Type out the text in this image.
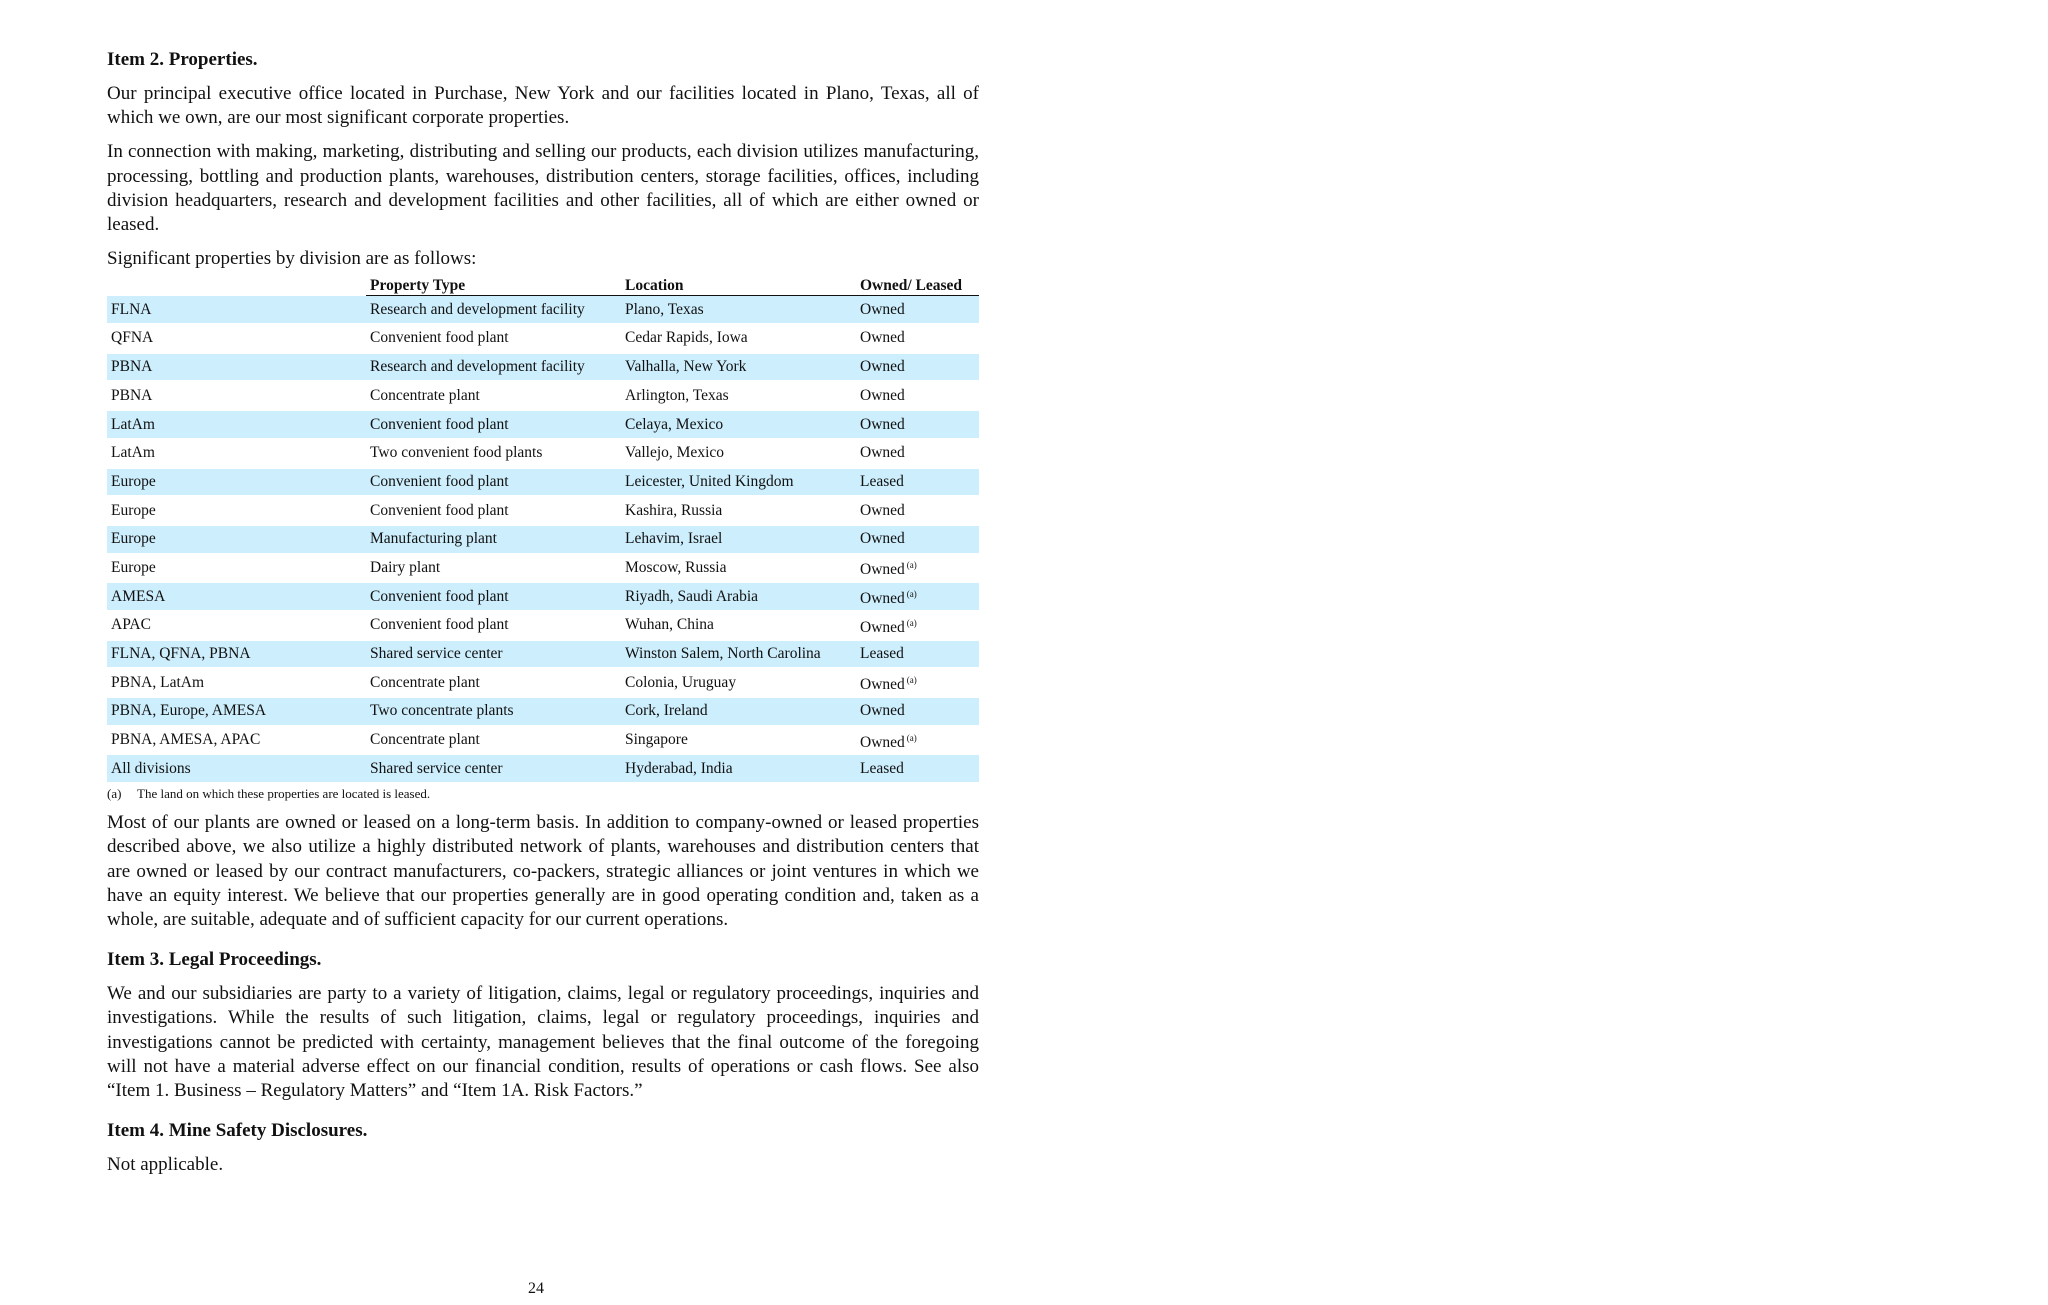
Item 2. Properties.

Our principal executive office located in Purchase, New York and our facilities located in Plano, Texas, all of which we own, are our most significant corporate properties.

In connection with making, marketing, distributing and selling our products, each division utilizes manufacturing, processing, bottling and production plants, warehouses, distribution centers, storage facilities, offices, including division headquarters, research and development facilities and other facilities, all of which are either owned or leased.

Significant properties by division are as follows:

	Property Type	Location	Owned/ Leased
FLNA	Research and development facility	Plano, Texas	Owned
QFNA	Convenient food plant	Cedar Rapids, Iowa	Owned
PBNA	Research and development facility	Valhalla, New York	Owned
PBNA	Concentrate plant	Arlington, Texas	Owned
LatAm	Convenient food plant	Celaya, Mexico	Owned
LatAm	Two convenient food plants	Vallejo, Mexico	Owned
Europe	Convenient food plant	Leicester, United Kingdom	Leased
Europe	Convenient food plant	Kashira, Russia	Owned
Europe	Manufacturing plant	Lehavim, Israel	Owned
Europe	Dairy plant	Moscow, Russia	Owned $^{(a)}$
AMESA	Convenient food plant	Riyadh, Saudi Arabia	Owned $^{(a)}$
APAC	Convenient food plant	Wuhan, China	Owned $^{(a)}$
FLNA, QFNA, PBNA	Shared service center	Winston Salem, North Carolina	Leased
PBNA, LatAm	Concentrate plant	Colonia, Uruguay	Owned $^{(a)}$
PBNA, Europe, AMESA	Two concentrate plants	Cork, Ireland	Owned
PBNA, AMESA, APAC	Concentrate plant	Singapore	Owned $^{(a)}$
All divisions	Shared service center	Hyderabad, India	Leased
(a) The land on which these properties are located is leased.

Most of our plants are owned or leased on a long-term basis. In addition to company-owned or leased properties described above, we also utilize a highly distributed network of plants, warehouses and distribution centers that are owned or leased by our contract manufacturers, co-packers, strategic alliances or joint ventures in which we have an equity interest. We believe that our properties generally are in good operating condition and, taken as a whole, are suitable, adequate and of sufficient capacity for our current operations.

Item 3. Legal Proceedings.

We and our subsidiaries are party to a variety of litigation, claims, legal or regulatory proceedings, inquiries and investigations. While the results of such litigation, claims, legal or regulatory proceedings, inquiries and investigations cannot be predicted with certainty, management believes that the final outcome of the foregoing will not have a material adverse effect on our financial condition, results of operations or cash flows. See also “Item 1. Business – Regulatory Matters” and “Item 1A. Risk Factors.”

Item 4. Mine Safety Disclosures.

Not applicable.

24
